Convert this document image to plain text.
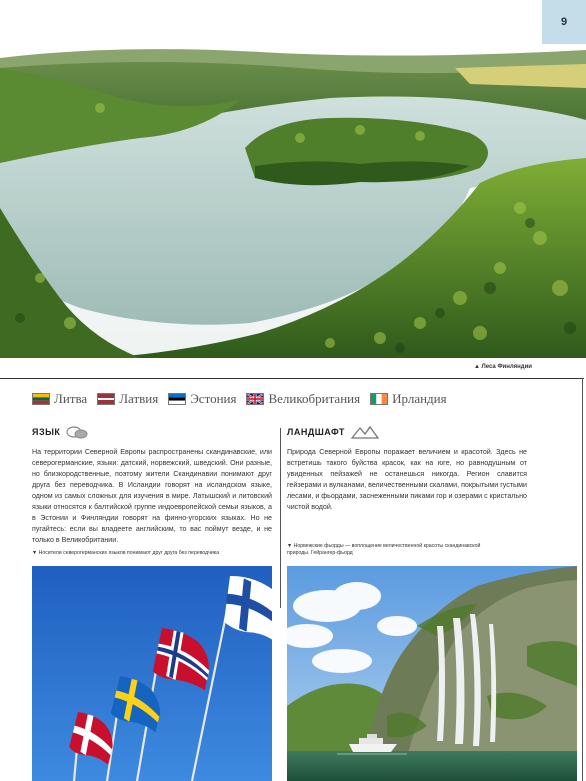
9
▲ Леса Финляндии
Литва Латвия Эстония Великобритания Ирландия
ЯЗЫК
На территории Северной Европы распространены скандинавские, или северогерманские, языки: датский, норвежский, шведский. Они разные, но близкородственные, поэтому жители Скандинавии понимают друг друга без переводчика. В Исландии говорят на исландском языке, одном из самых сложных для изучения в мире. Латышский и литовский языки относятся к балтийской группе индоевропейской семьи языков, а в Эстонии и Финляндии говорят на финно-угорских языках. Но не пугайтесь: если вы владеете английским, то вас поймут везде, и не только в Великобритании.
ЛАНДШАФТ
Природа Северной Европы поражает величием и красотой. Здесь не встретишь такого буйства красок, как на юге, но равнодушным от увиденных пейзажей не останешься никогда. Регион славится гейзерами и вулканами, величественными скалами, покрытыми густыми лесами, и фьордами, заснеженными пиками гор и озерами с кристально чистой водой.
▼ Носители северогерманских языков понимают друг друга без переводчика
▼ Норвежские фьорды — воплощение величественной красоты скандинавской природы. Гейрангер-фьорд
